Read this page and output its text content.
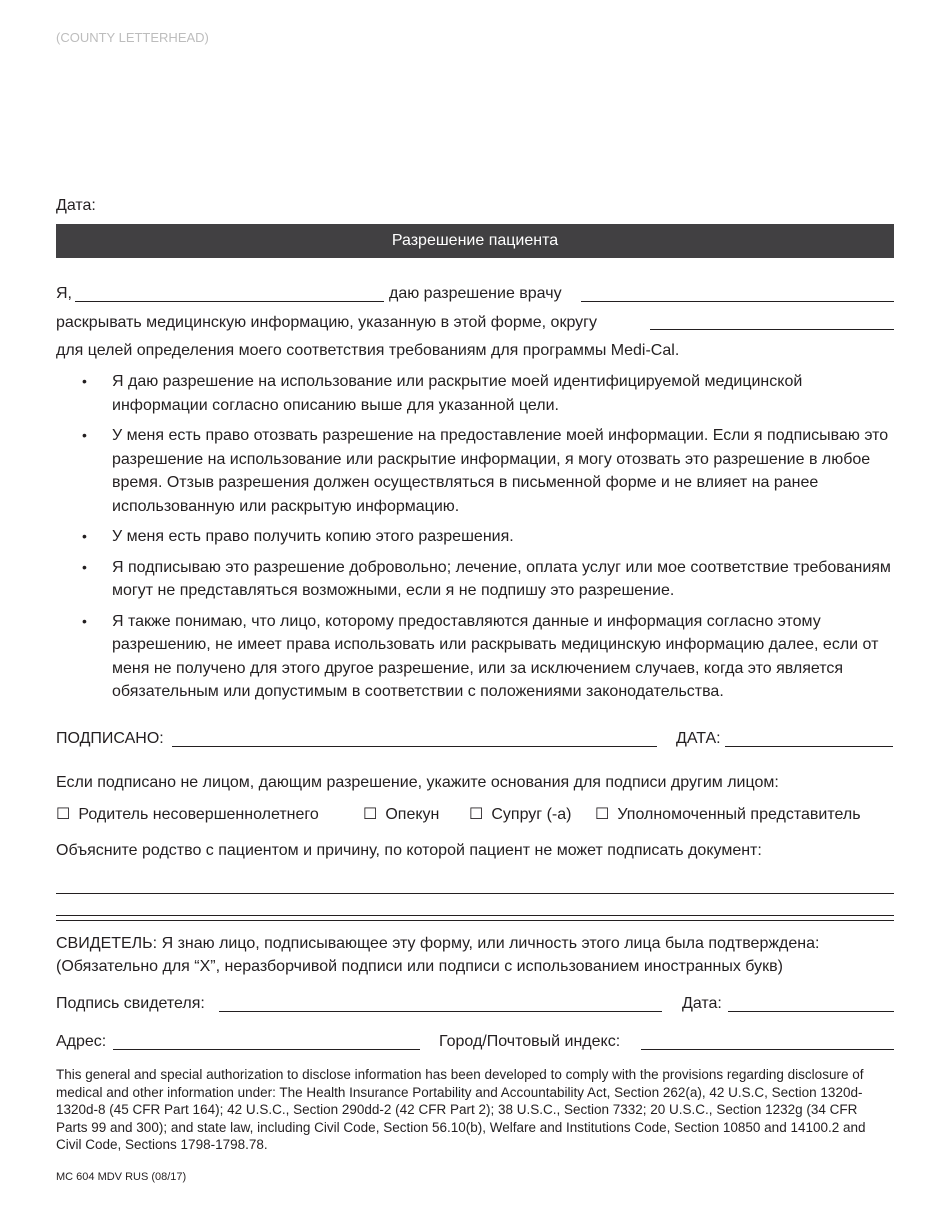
(COUNTY LETTERHEAD)
Дата:
Разрешение пациента
Я,	даю разрешение врачу
раскрывать медицинскую информацию, указанную в этой форме, округу
для целей определения моего соответствия требованиям для программы Medi-Cal.
• Я даю разрешение на использование или раскрытие моей идентифицируемой медицинской информации согласно описанию выше для указанной цели.
• У меня есть право отозвать разрешение на предоставление моей информации. Если я подписываю это разрешение на использование или раскрытие информации, я могу отозвать это разрешение в любое время. Отзыв разрешения должен осуществляться в письменной форме и не влияет на ранее использованную или раскрытую информацию.
• У меня есть право получить копию этого разрешения.
• Я подписываю это разрешение добровольно; лечение, оплата услуг или мое соответствие требованиям могут не представляться возможными, если я не подпишу это разрешение.
• Я также понимаю, что лицо, которому предоставляются данные и информация согласно этому разрешению, не имеет права использовать или раскрывать медицинскую информацию далее, если от меня не получено для этого другое разрешение, или за исключением случаев, когда это является обязательным или допустимым в соответствии с положениями законодательства.
ПОДПИСАНО:	ДАТА:
Если подписано не лицом, дающим разрешение, укажите основания для подписи другим лицом:
☐ Родитель несовершеннолетнего	☐ Опекун ☐ Супруг (-а) ☐ Уполномоченный представитель
Объясните родство с пациентом и причину, по которой пациент не может подписать документ:
СВИДЕТЕЛЬ: Я знаю лицо, подписывающее эту форму, или личность этого лица была подтверждена:
(Обязательно для “X”, неразборчивой подписи или подписи с использованием иностранных букв)
Подпись свидетеля:	Дата:
Адрес:	Город/Почтовый индекс:
This general and special authorization to disclose information has been developed to comply with the provisions regarding disclosure of medical and other information under: The Health Insurance Portability and Accountability Act, Section 262(a), 42 U.S.C, Section 1320d-1320d-8 (45 CFR Part 164); 42 U.S.C., Section 290dd-2 (42 CFR Part 2); 38 U.S.C., Section 7332; 20 U.S.C., Section 1232g (34 CFR Parts 99 and 300); and state law, including Civil Code, Section 56.10(b), Welfare and Institutions Code, Section 10850 and 14100.2 and Civil Code, Sections 1798-1798.78.
MC 604 MDV RUS (08/17)
